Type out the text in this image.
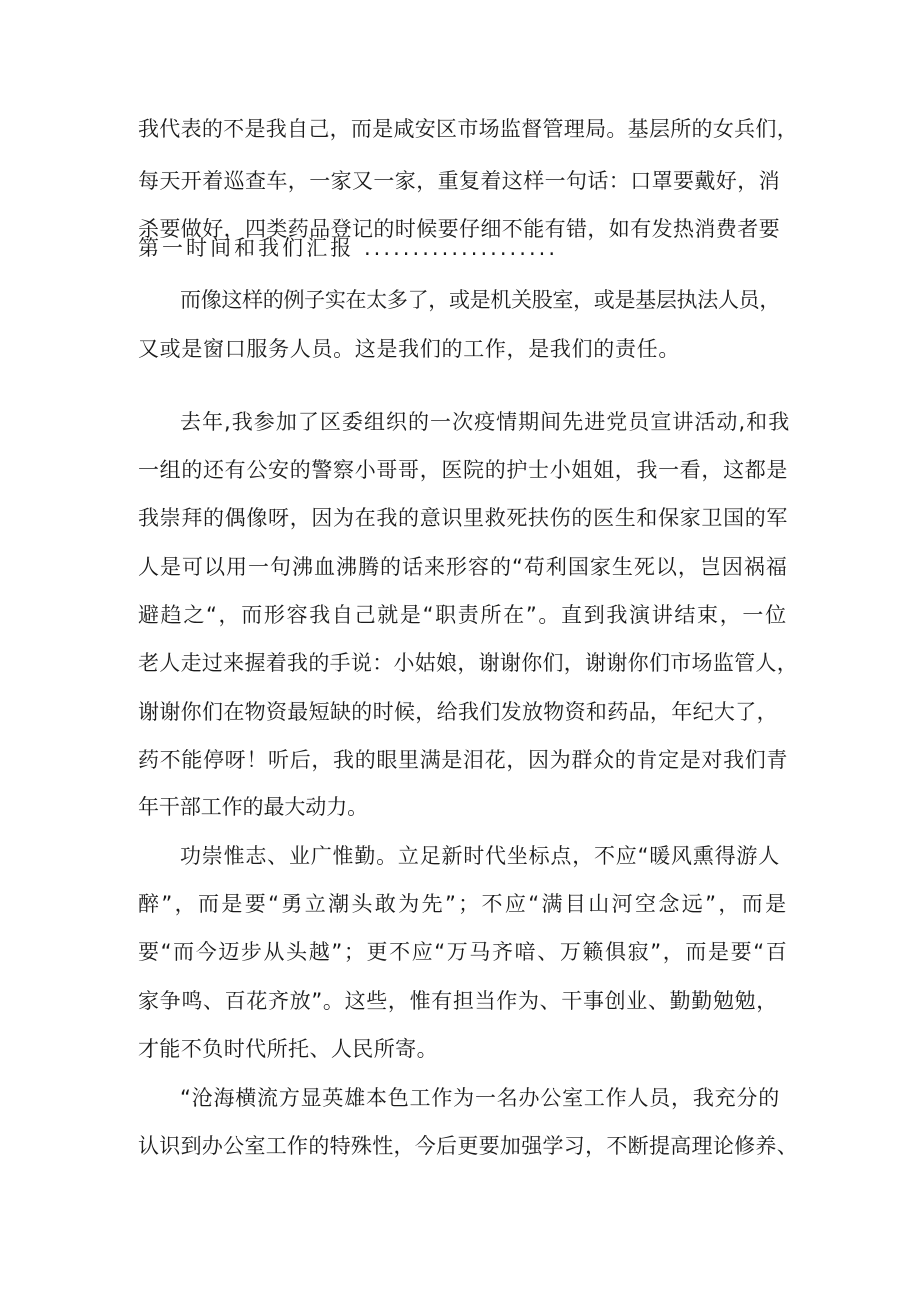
我代表的不是我自己，而是咸安区市场监督管理局。基层所的女兵们，
每天开着巡查车，一家又一家，重复着这样一句话：口罩要戴好，消
杀要做好，四类药品登记的时候要仔细不能有错，如有发热消费者要
第一时间和我们汇报 ....................
而像这样的例子实在太多了，或是机关股室，或是基层执法人员，
又或是窗口服务人员。这是我们的工作，是我们的责任。
去年,我参加了区委组织的一次疫情期间先进党员宣讲活动,和我
一组的还有公安的警察小哥哥，医院的护士小姐姐，我一看，这都是
我崇拜的偶像呀，因为在我的意识里救死扶伤的医生和保家卫国的军
人是可以用一句沸血沸腾的话来形容的“苟利国家生死以，岂因祸福
避趋之“，而形容我自己就是“职责所在”。直到我演讲结束，一位
老人走过来握着我的手说：小姑娘，谢谢你们，谢谢你们市场监管人，
谢谢你们在物资最短缺的时候，给我们发放物资和药品，年纪大了，
药不能停呀！听后，我的眼里满是泪花，因为群众的肯定是对我们青
年干部工作的最大动力。
功崇惟志、业广惟勤。立足新时代坐标点，不应“暖风熏得游人
醉”，而是要“勇立潮头敢为先”；不应“满目山河空念远”，而是
要“而今迈步从头越”；更不应“万马齐喑、万籁俱寂”，而是要“百
家争鸣、百花齐放”。这些，惟有担当作为、干事创业、勤勤勉勉，
才能不负时代所托、人民所寄。
“沧海横流方显英雄本色工作为一名办公室工作人员，我充分的
认识到办公室工作的特殊性，今后更要加强学习，不断提高理论修养、
